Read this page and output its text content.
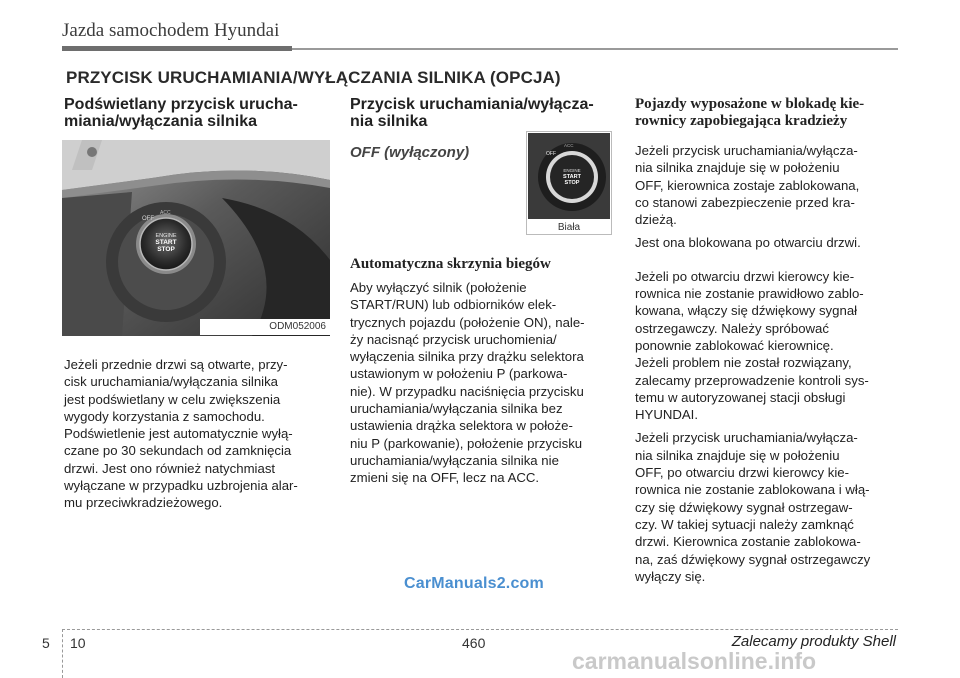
Jazda samochodem Hyundai
PRZYCISK URUCHAMIANIA/WYŁĄCZANIA SILNIKA (OPCJA)
Podświetlany przycisk urucha-
miania/wyłączania silnika
ENGINE
START
STOP
OFF
ACC
ODM052006
Jeżeli przednie drzwi są otwarte, przy-
cisk uruchamiania/wyłączania silnika
jest podświetlany w celu zwiększenia
wygody korzystania z samochodu.
Podświetlenie jest automatycznie wyłą-
czane po 30 sekundach od zamknięcia
drzwi. Jest ono również natychmiast
wyłączane w przypadku uzbrojenia alar-
mu przeciwkradzieżowego.
Przycisk uruchamiania/wyłącza-
nia silnika
OFF (wyłączony)
ENGINE
START
STOP
OFF
ACC
Biała
Automatyczna skrzynia biegów
Aby wyłączyć silnik (położenie
START/RUN) lub odbiorników elek-
trycznych pojazdu (położenie ON), nale-
ży nacisnąć przycisk uruchomienia/
wyłączenia silnika przy drążku selektora
ustawionym w położeniu P (parkowa-
nie). W przypadku naciśnięcia przycisku
uruchamiania/wyłączania silnika bez
ustawienia drążka selektora w położe-
niu P (parkowanie), położenie przycisku
uruchamiania/wyłączania silnika nie
zmieni się na OFF, lecz na ACC.
Pojazdy wyposażone w blokadę kie-
rownicy zapobiegająca kradzieży
Jeżeli przycisk uruchamiania/wyłącza-
nia silnika znajduje się w położeniu
OFF, kierownica zostaje zablokowana,
co stanowi zabezpieczenie przed kra-
dzieżą.
Jest ona blokowana po otwarciu drzwi.
Jeżeli po otwarciu drzwi kierowcy kie-
rownica nie zostanie prawidłowo zablo-
kowana, włączy się dźwiękowy sygnał
ostrzegawczy. Należy spróbować
ponownie zablokować kierownicę.
Jeżeli problem nie został rozwiązany,
zalecamy przeprowadzenie kontroli sys-
temu w autoryzowanej stacji obsługi
HYUNDAI.
Jeżeli przycisk uruchamiania/wyłącza-
nia silnika znajduje się w położeniu
OFF, po otwarciu drzwi kierowcy kie-
rownica nie zostanie zablokowana i włą-
czy się dźwiękowy sygnał ostrzegaw-
czy. W takiej sytuacji należy zamknąć
drzwi. Kierownica zostanie zablokowa-
na, zaś dźwiękowy sygnał ostrzegawczy
wyłączy się.
CarManuals2.com
5 10	460	Zalecamy produkty Shell
carmanualsonline.info
